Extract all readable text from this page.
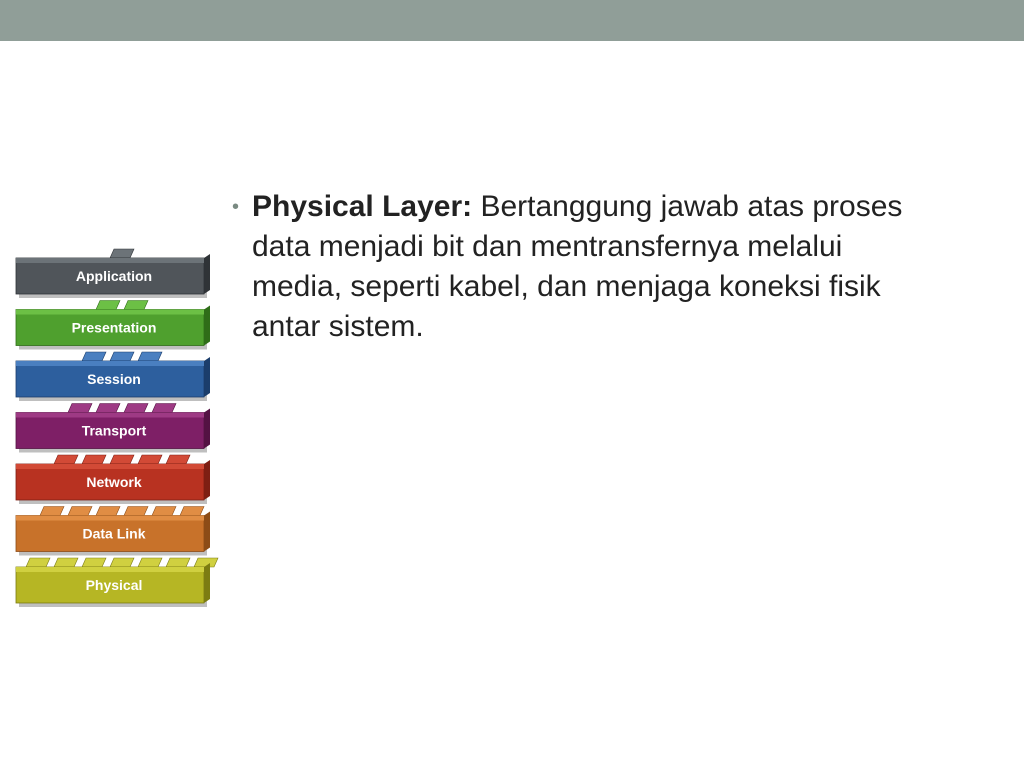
Application
Presentation
Session
Transport
Network
Data Link
Physical
• Physical Layer: Bertanggung jawab atas proses data menjadi bit dan mentransfernya melalui media, seperti kabel, dan menjaga koneksi fisik antar sistem.
